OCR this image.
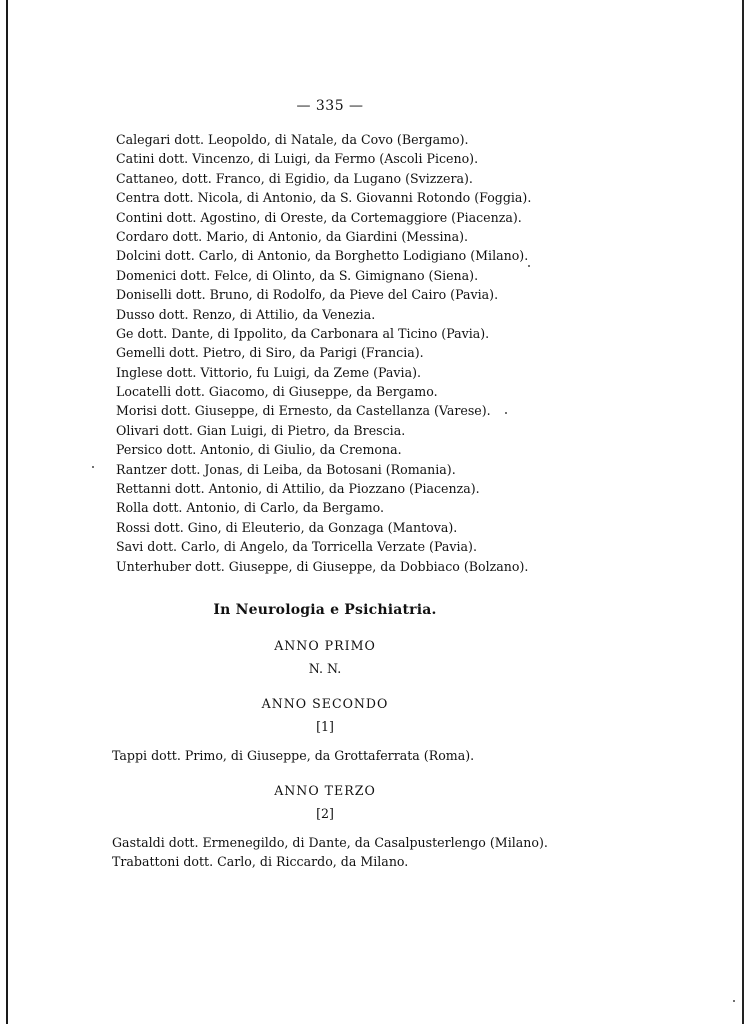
— 335 —
Calegari dott. Leopoldo, di Natale, da Covo (Bergamo).
Catini dott. Vincenzo, di Luigi, da Fermo (Ascoli Piceno).
Cattaneo, dott. Franco, di Egidio, da Lugano (Svizzera).
Centra dott. Nicola, di Antonio, da S. Giovanni Rotondo (Foggia).
Contini dott. Agostino, di Oreste, da Cortemaggiore (Piacenza).
Cordaro dott. Mario, di Antonio, da Giardini (Messina).
Dolcini dott. Carlo, di Antonio, da Borghetto Lodigiano (Milano).
Domenici dott. Felce, di Olinto, da S. Gimignano (Siena).
Doniselli dott. Bruno, di Rodolfo, da Pieve del Cairo (Pavia).
Dusso dott. Renzo, di Attilio, da Venezia.
Ge dott. Dante, di Ippolito, da Carbonara al Ticino (Pavia).
Gemelli dott. Pietro, di Siro, da Parigi (Francia).
Inglese dott. Vittorio, fu Luigi, da Zeme (Pavia).
Locatelli dott. Giacomo, di Giuseppe, da Bergamo.
Morisi dott. Giuseppe, di Ernesto, da Castellanza (Varese).
Olivari dott. Gian Luigi, di Pietro, da Brescia.
Persico dott. Antonio, di Giulio, da Cremona.
Rantzer dott. Jonas, di Leiba, da Botosani (Romania).
Rettanni dott. Antonio, di Attilio, da Piozzano (Piacenza).
Rolla dott. Antonio, di Carlo, da Bergamo.
Rossi dott. Gino, di Eleuterio, da Gonzaga (Mantova).
Savi dott. Carlo, di Angelo, da Torricella Verzate (Pavia).
Unterhuber dott. Giuseppe, di Giuseppe, da Dobbiaco (Bolzano).
In Neurologia e Psichiatria.
ANNO PRIMO
N. N.
ANNO SECONDO
[1]
Tappi dott. Primo, di Giuseppe, da Grottaferrata (Roma).
ANNO TERZO
[2]
Gastaldi dott. Ermenegildo, di Dante, da Casalpusterlengo (Milano).
Trabattoni dott. Carlo, di Riccardo, da Milano.
